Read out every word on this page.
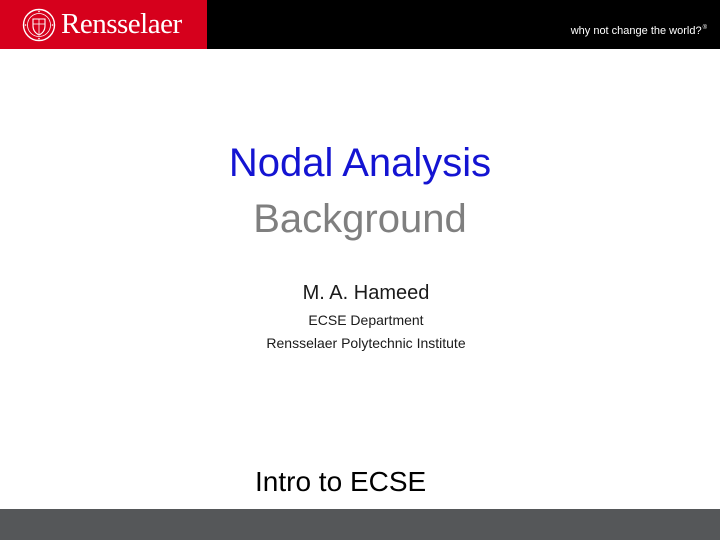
Rensselaer	why not change the world?®
Nodal Analysis
Background
M. A. Hameed
ECSE Department
Rensselaer Polytechnic Institute
Intro to ECSE
